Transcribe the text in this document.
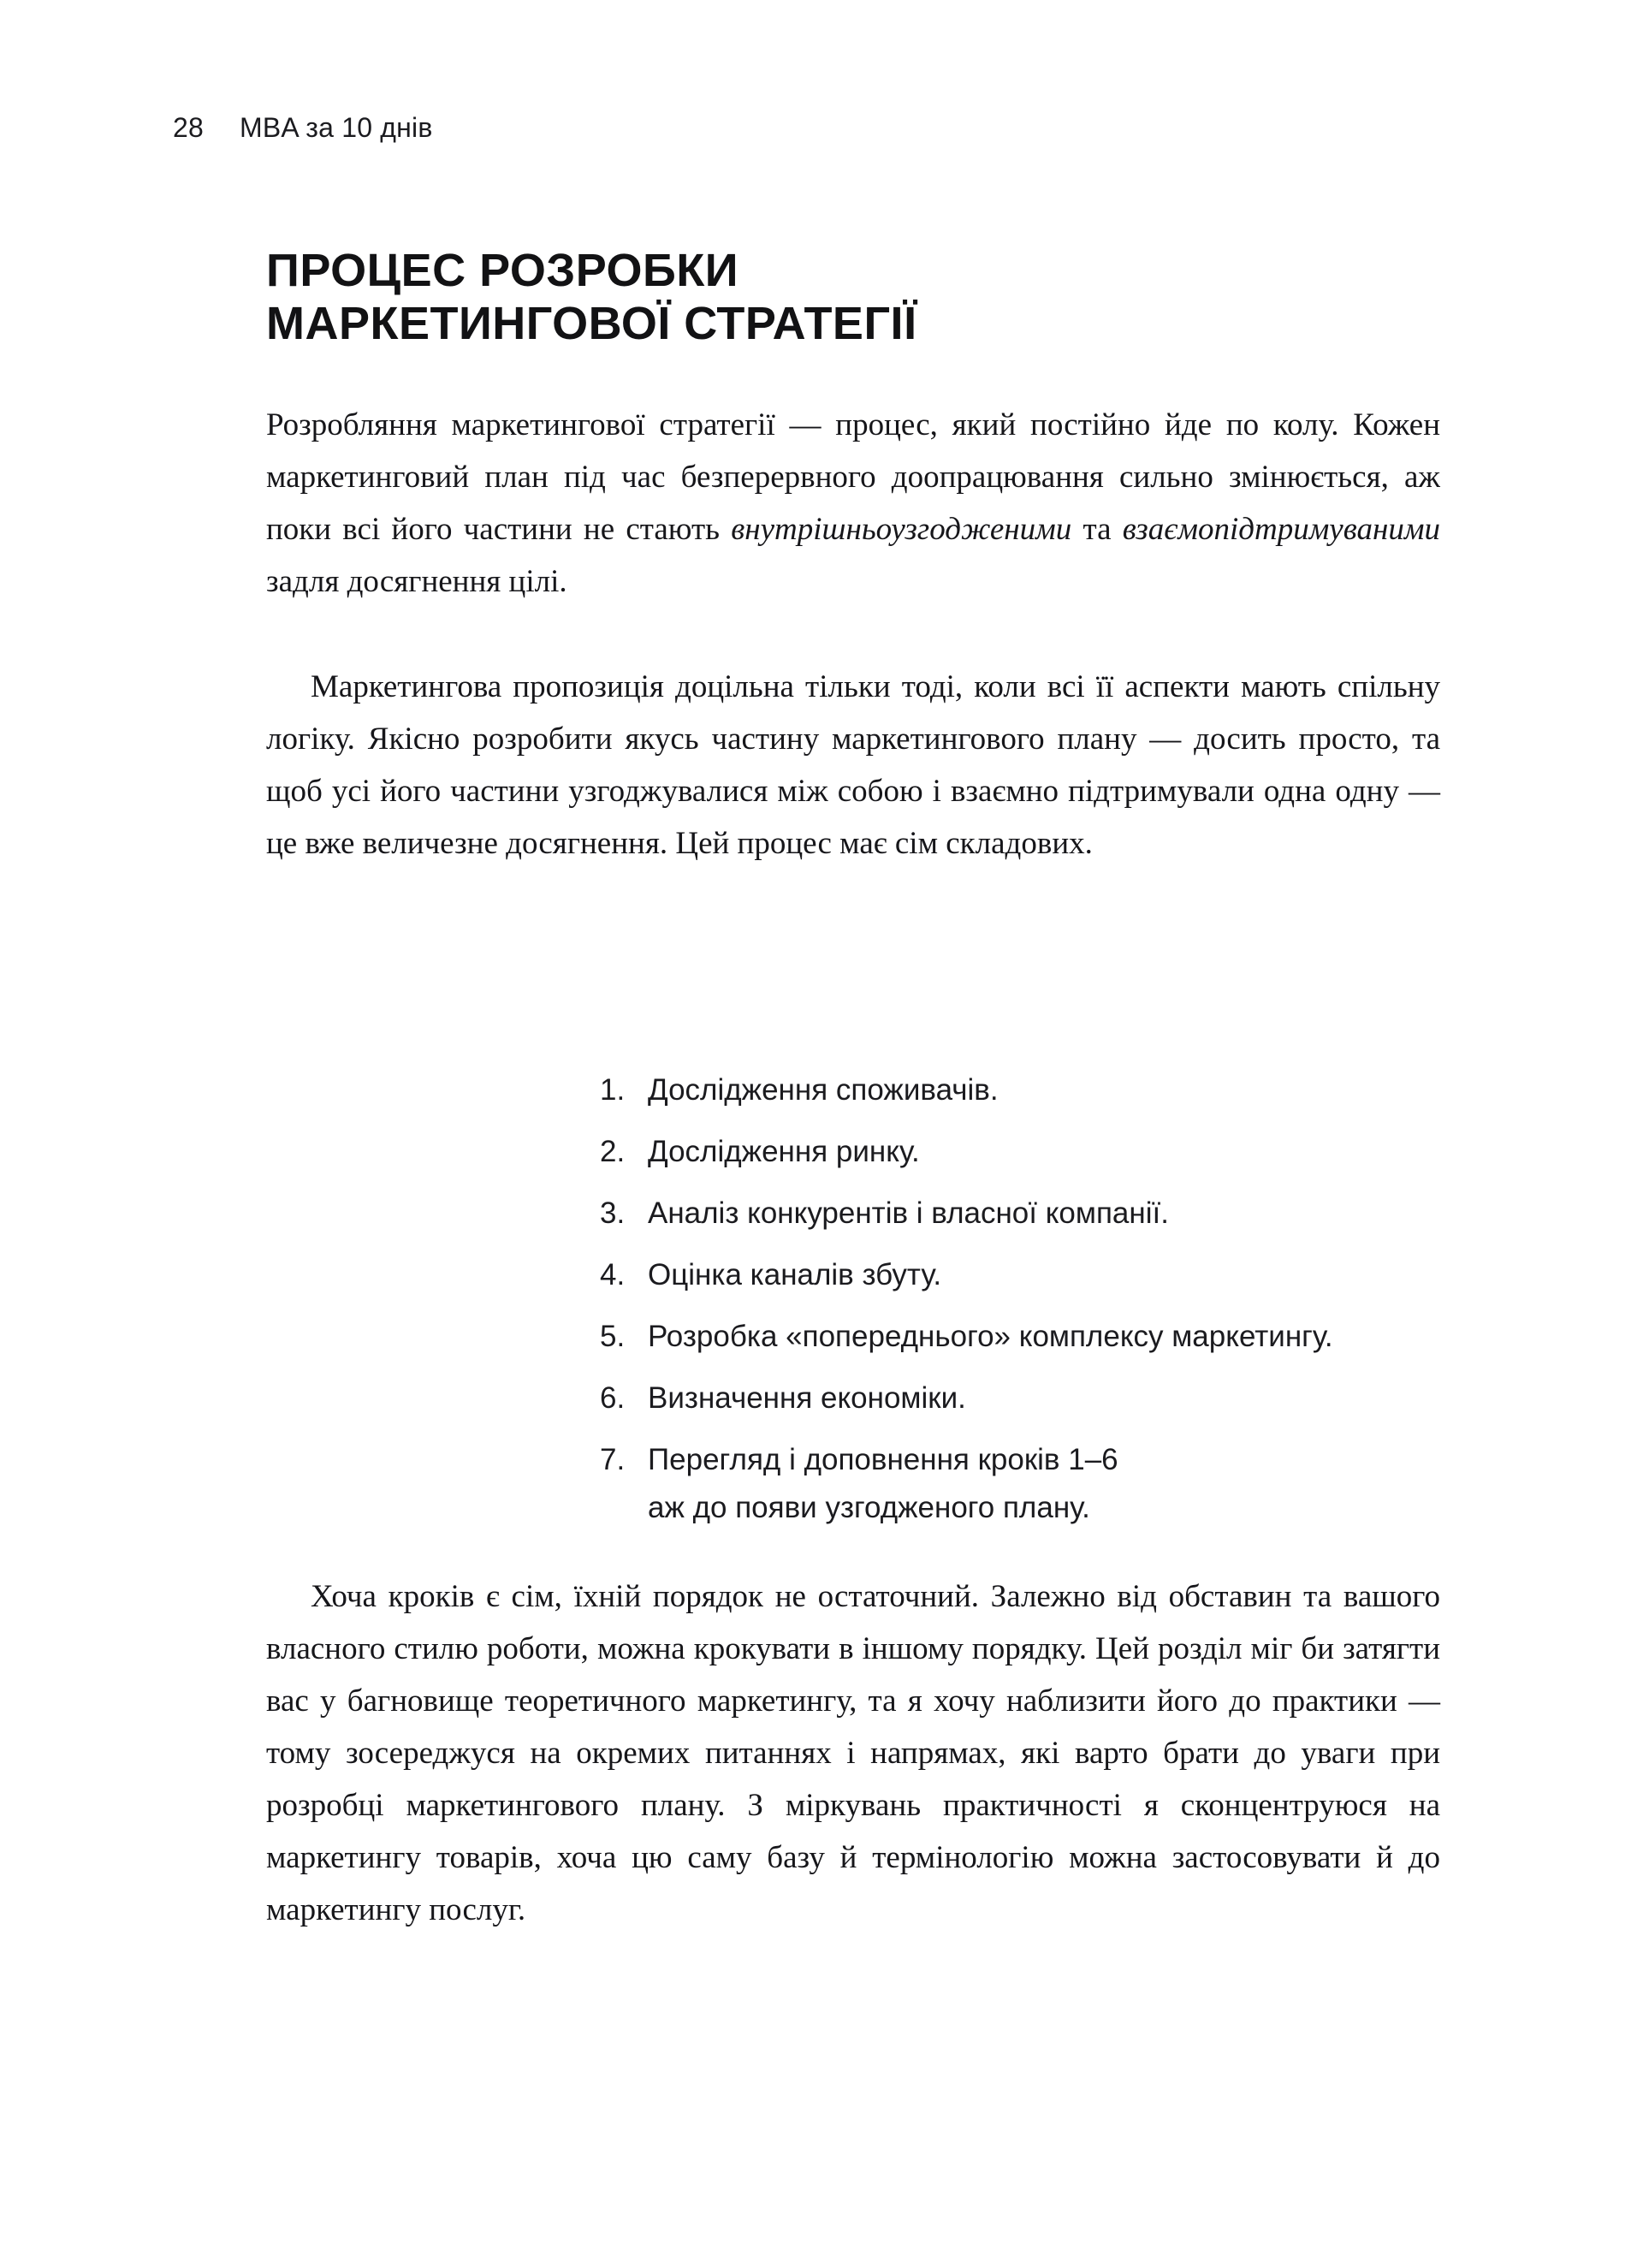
28 MBA за 10 днів
ПРОЦЕС РОЗРОБКИ
МАРКЕТИНГОВОЇ СТРАТЕГІЇ

Розробляння маркетингової стратегії — процес, який постійно йде по колу. Кожен маркетинговий план під час безперервного доопрацювання сильно змінюється, аж поки всі його частини не стають внутрішньоузгодженими та взаємопідтримуваними задля досягнення цілі.

Маркетингова пропозиція доцільна тільки тоді, коли всі її аспекти мають спільну логіку. Якісно розробити якусь частину маркетингового плану — досить просто, та щоб усі його частини узгоджувалися між собою і взаємно підтримували одна одну — це вже величезне досягнення. Цей процес має сім складових.

1. Дослідження споживачів.
2. Дослідження ринку.
3. Аналіз конкурентів і власної компанії.
4. Оцінка каналів збуту.
5. Розробка «попереднього» комплексу маркетингу.
6. Визначення економіки.
7. Перегляд і доповнення кроків 1–6
аж до появи узгодженого плану.

Хоча кроків є сім, їхній порядок не остаточний. Залежно від обставин та вашого власного стилю роботи, можна крокувати в іншому порядку. Цей розділ міг би затягти вас у багновище теоретичного маркетингу, та я хочу наблизити його до практики — тому зосереджуся на окремих питаннях і напрямах, які варто брати до уваги при розробці маркетингового плану. З міркувань практичності я сконцентруюся на маркетингу товарів, хоча цю саму базу й термінологію можна застосовувати й до маркетингу послуг.
